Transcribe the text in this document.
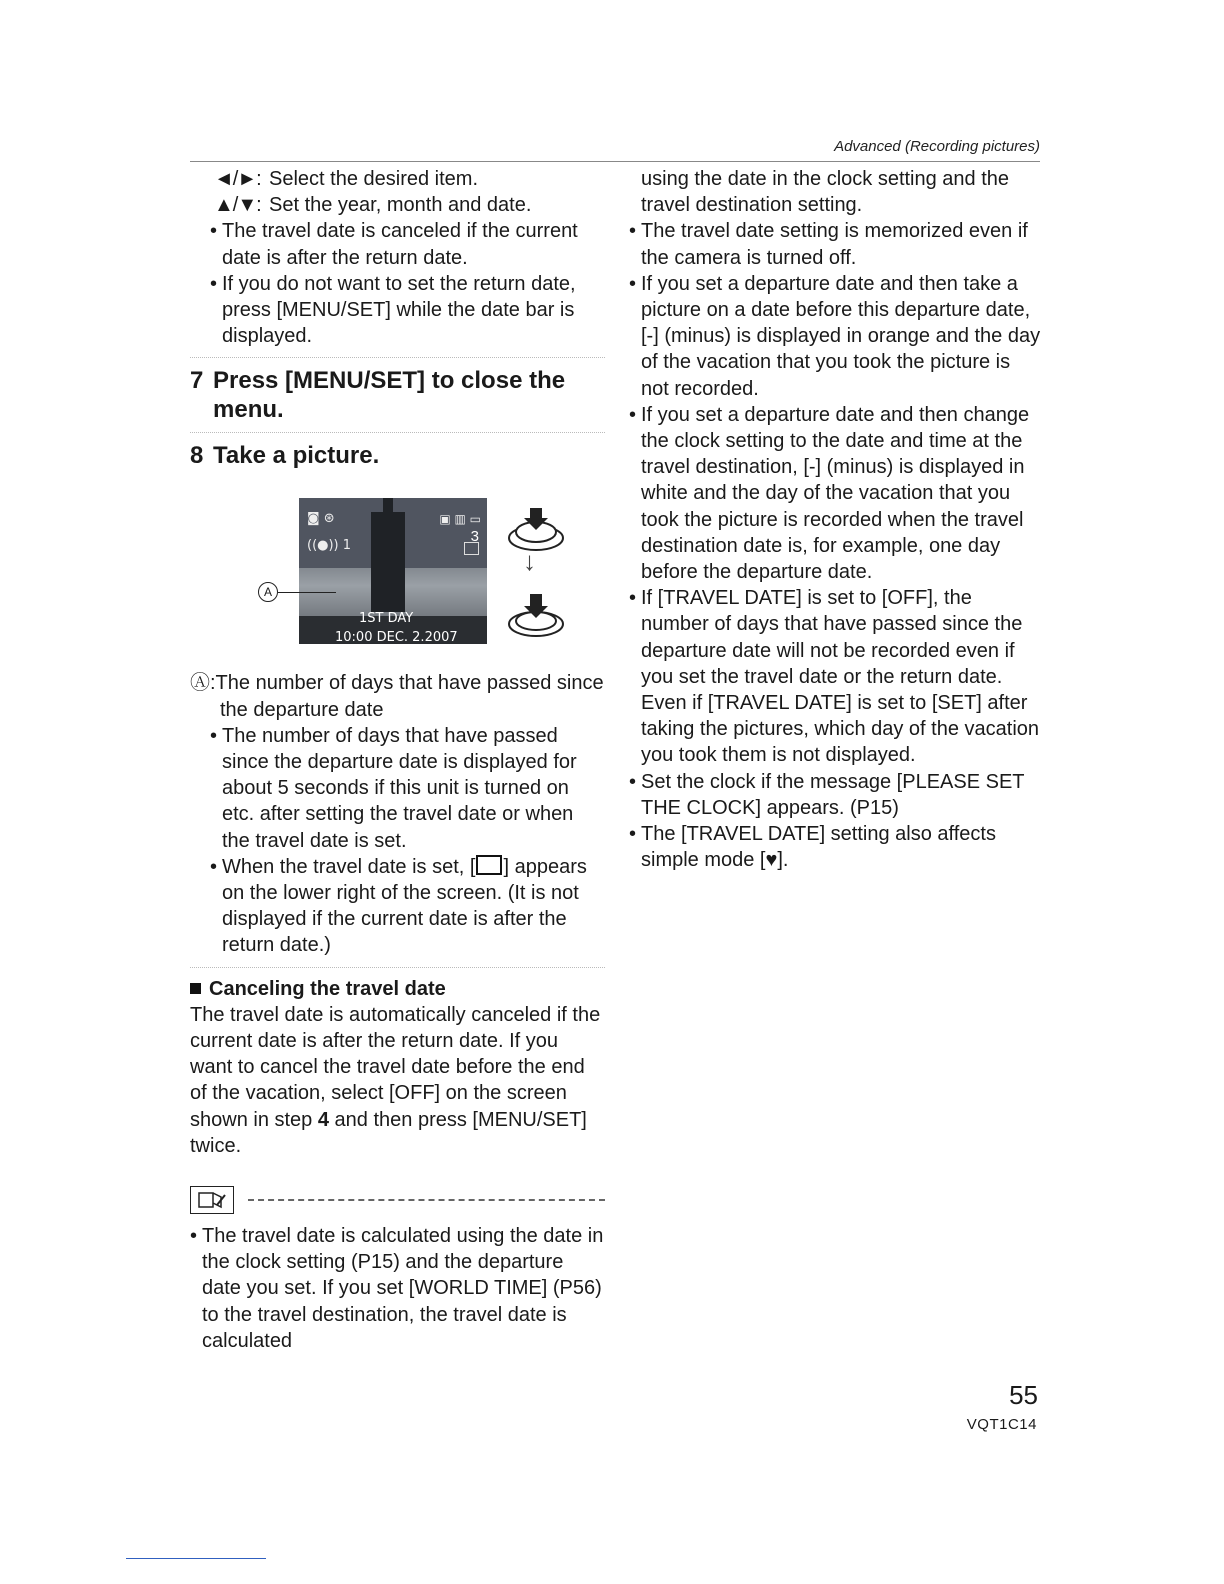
Advanced (Recording pictures)
◄/►: Select the desired item.
▲/▼: Set the year, month and date.

• The travel date is canceled if the current date is after the return date.

• If you do not want to set the return date, press [MENU/SET] while the date bar is displayed.

7 Press [MENU/SET] to close the menu.
8 Take a picture.
◙ ⊛
((●)) 1
▣ ▥ ▭
3
1ST DAY
10:00 DEC. 2.2007
A
↓

Ⓐ:The number of days that have passed since the departure date

• The number of days that have passed since the departure date is displayed for about 5 seconds if this unit is turned on etc. after setting the travel date or when the travel date is set.

• When the travel date is set, [ ] appears on the lower right of the screen. (It is not displayed if the current date is after the return date.)

Canceling the travel date

The travel date is automatically canceled if the current date is after the return date. If you want to cancel the travel date before the end of the vacation, select [OFF] on the screen shown in step 4 and then press [MENU/SET] twice.

• The travel date is calculated using the date in the clock setting (P15) and the departure date you set. If you set [WORLD TIME] (P56) to the travel destination, the travel date is calculated

using the date in the clock setting and the travel destination setting.

• The travel date setting is memorized even if the camera is turned off.

• If you set a departure date and then take a picture on a date before this departure date, [-] (minus) is displayed in orange and the day of the vacation that you took the picture is not recorded.

• If you set a departure date and then change the clock setting to the date and time at the travel destination, [-] (minus) is displayed in white and the day of the vacation that you took the picture is recorded when the travel destination date is, for example, one day before the departure date.

• If [TRAVEL DATE] is set to [OFF], the number of days that have passed since the departure date will not be recorded even if you set the travel date or the return date. Even if [TRAVEL DATE] is set to [SET] after taking the pictures, which day of the vacation you took them is not displayed.

• Set the clock if the message [PLEASE SET THE CLOCK] appears. (P15)

• The [TRAVEL DATE] setting also affects simple mode [♥].

55
VQT1C14
